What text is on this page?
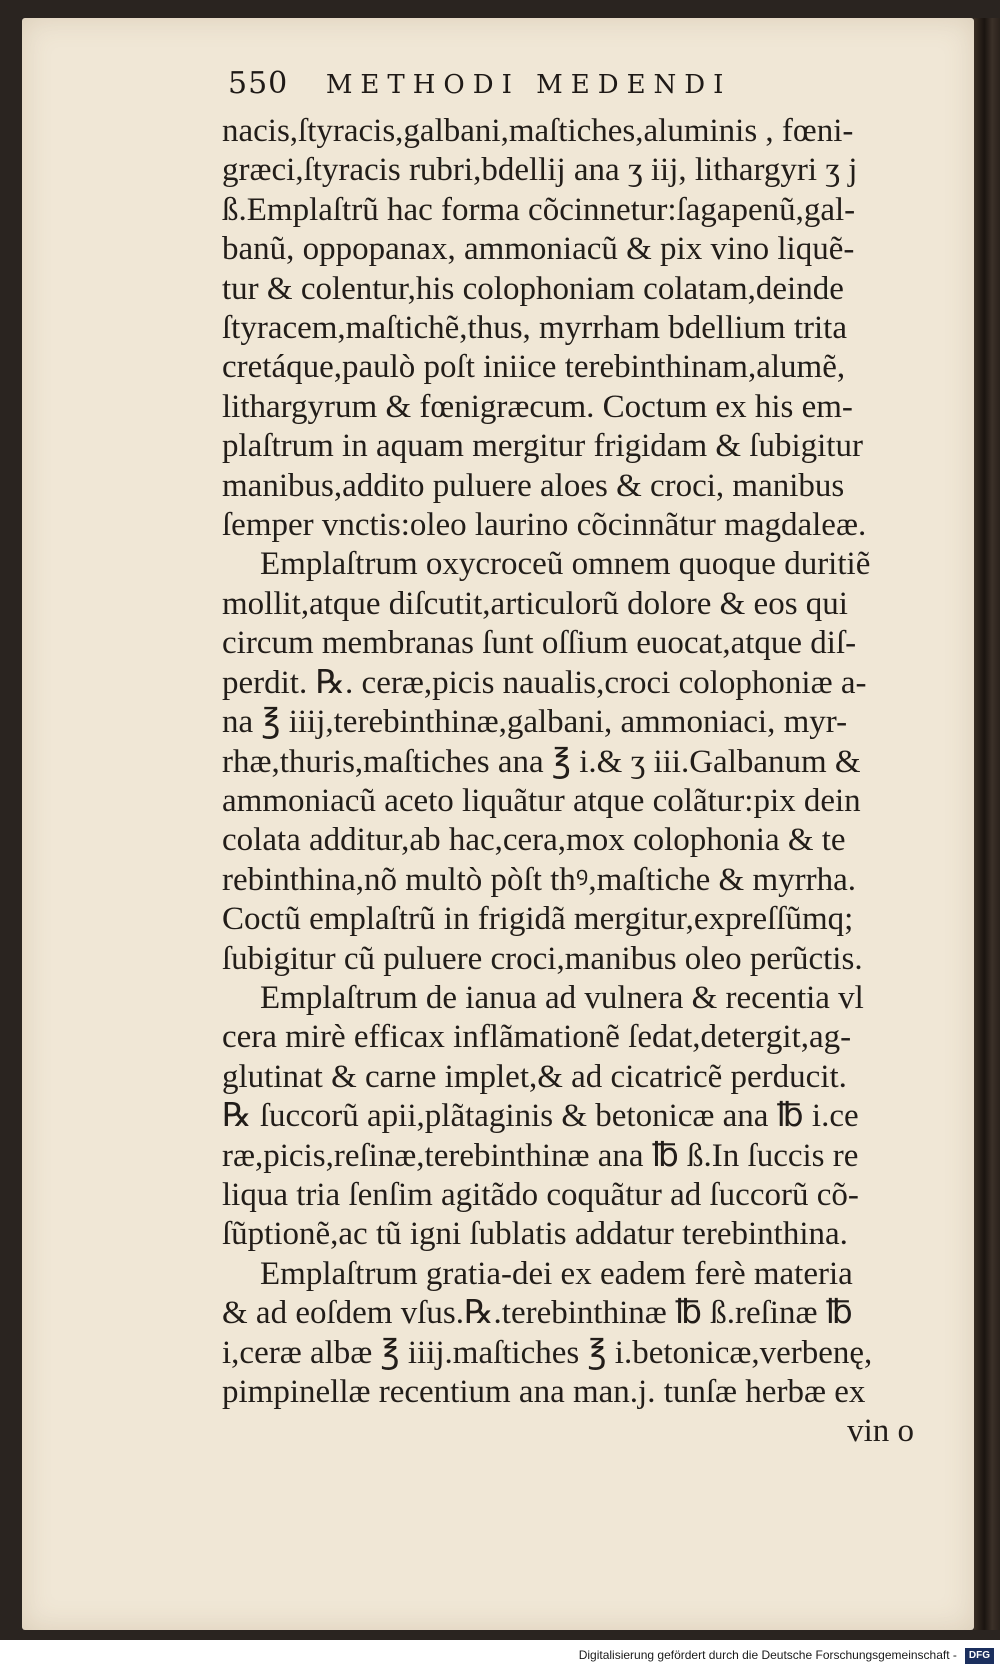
550 METHODI MEDENDI
nacis,ſtyracis,galbani,maſtiches,aluminis , fœni-
græci,ſtyracis rubri,bdellij ana ʒ iij, lithargyri ʒ j
ß.Emplaſtrũ hac forma cõcinnetur:ſagapenũ,gal-
banũ, oppopanax, ammoniacũ & pix vino liquẽ-
tur & colentur,his colophoniam colatam,deinde
ſtyracem,maſtichẽ,thus, myrrham bdellium trita
cretáque,paulò poſt iniice terebinthinam,alumẽ,
lithargyrum & fœnigræcum. Coctum ex his em-
plaſtrum in aquam mergitur frigidam & ſubigitur
manibus,addito puluere aloes & croci, manibus
ſemper vnctis:oleo laurino cõcinnãtur magdaleæ.
Emplaſtrum oxycroceũ omnem quoque duritiẽ
mollit,atque diſcutit,articulorũ dolore & eos qui
circum membranas ſunt oſſium euocat,atque diſ-
perdit. ℞. ceræ,picis naualis,croci colophoniæ a-
na ℥ iiij,terebinthinæ,galbani, ammoniaci, myr-
rhæ,thuris,maſtiches ana ℥ i.& ʒ iii.Galbanum &
ammoniacũ aceto liquãtur atque colãtur:pix dein
colata additur,ab hac,cera,mox colophonia & te
rebinthina,nõ multò pòſt thꝰ,maſtiche & myrrha.
Coctũ emplaſtrũ in frigidã mergitur,expreſſũmq;
ſubigitur cũ puluere croci,manibus oleo perũctis.
Emplaſtrum de ianua ad vulnera & recentia vl
cera mirè efficax inflãmationẽ ſedat,detergit,ag-
glutinat & carne implet,& ad cicatricẽ perducit.
℞ ſuccorũ apii,plãtaginis & betonicæ ana ℔ i.ce
ræ,picis,reſinæ,terebinthinæ ana ℔ ß.In ſuccis re
liqua tria ſenſim agitãdo coquãtur ad ſuccorũ cõ-
ſũptionẽ,ac tũ igni ſublatis addatur terebinthina.
Emplaſtrum gratia-dei ex eadem ferè materia
& ad eoſdem vſus.℞.terebinthinæ ℔ ß.reſinæ ℔
i,ceræ albæ ℥ iiij.maſtiches ℥ i.betonicæ,verbenę,
pimpinellæ recentium ana man.j. tunſæ herbæ ex
vin o
Digitalisierung gefördert durch die Deutsche Forschungsgemeinschaft - DFG
